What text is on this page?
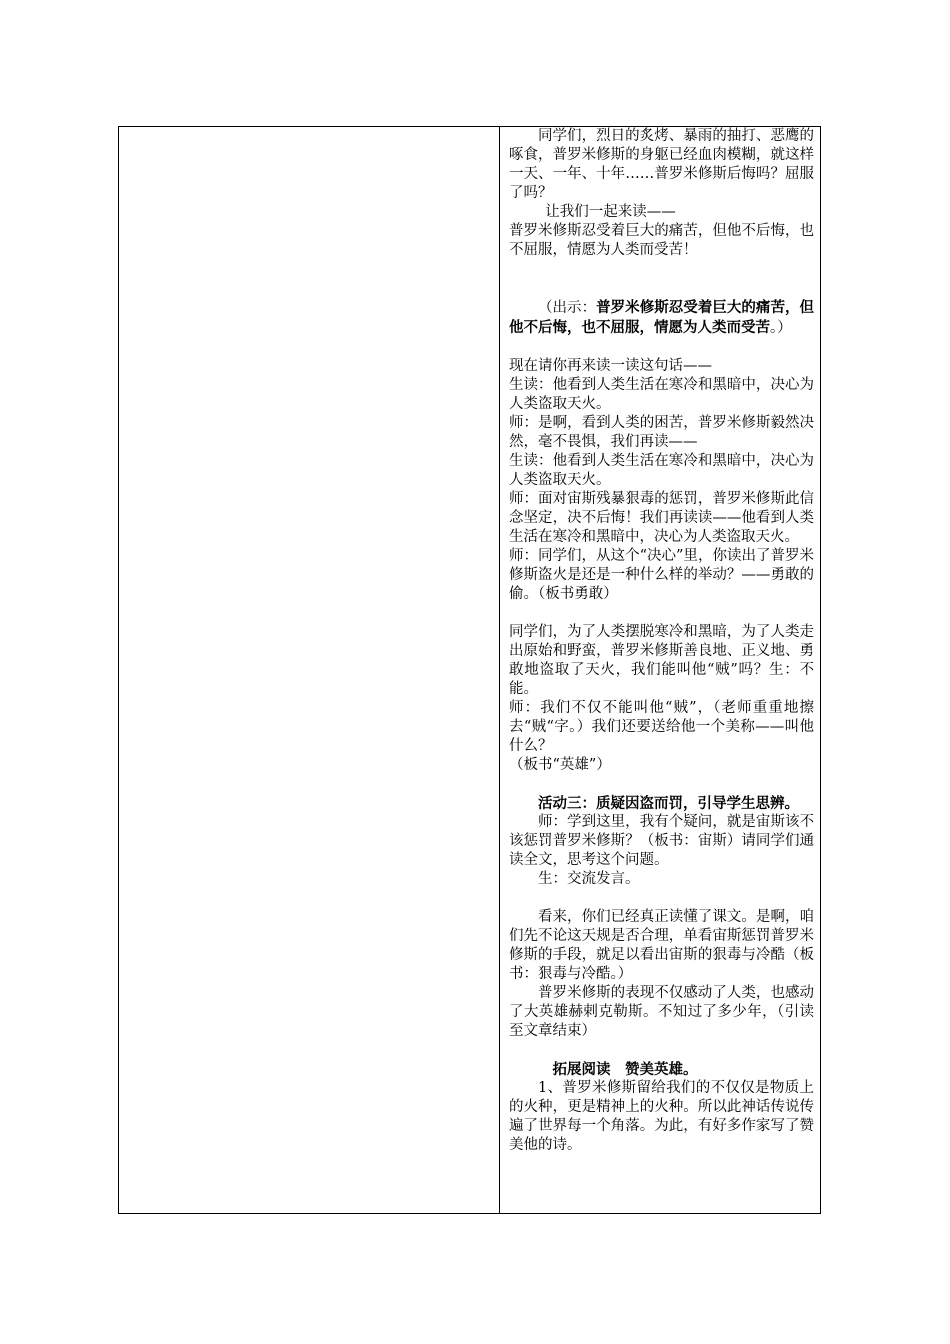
同学们，烈日的炙烤、暴雨的抽打、恶鹰的啄食，普罗米修斯的身躯已经血肉模糊，就这样一天、一年、十年……普罗米修斯后悔吗？屈服了吗？

让我们一起来读——

普罗米修斯忍受着巨大的痛苦，但他不后悔，也不屈服，情愿为人类而受苦！

（出示：普罗米修斯忍受着巨大的痛苦，但他不后悔，也不屈服，情愿为人类而受苦。）

现在请你再来读一读这句话——

生读：他看到人类生活在寒冷和黑暗中，决心为人类盗取天火。

师：是啊，看到人类的困苦，普罗米修斯毅然决然，毫不畏惧，我们再读——

生读：他看到人类生活在寒冷和黑暗中，决心为人类盗取天火。

师：面对宙斯残暴狠毒的惩罚，普罗米修斯此信念坚定，决不后悔！我们再读读——他看到人类生活在寒冷和黑暗中，决心为人类盗取天火。

师：同学们，从这个“决心”里，你读出了普罗米修斯盗火是还是一种什么样的举动？——勇敢的偷。（板书勇敢）

同学们，为了人类摆脱寒冷和黑暗，为了人类走出原始和野蛮，普罗米修斯善良地、正义地、勇敢地盗取了天火，我们能叫他“贼”吗？生：不能。

师：我们不仅不能叫他“贼”，（老师重重地擦去“贼“字。）我们还要送给他一个美称——叫他什么？

（板书“英雄”）

活动三：质疑因盗而罚，引导学生思辨。

师：学到这里，我有个疑问，就是宙斯该不该惩罚普罗米修斯？（板书：宙斯）请同学们通读全文，思考这个问题。

生：交流发言。

看来，你们已经真正读懂了课文。是啊，咱们先不论这天规是否合理，单看宙斯惩罚普罗米修斯的手段，就足以看出宙斯的狠毒与冷酷（板书：狠毒与冷酷。）

普罗米修斯的表现不仅感动了人类，也感动了大英雄赫剌克勒斯。不知过了多少年，（引读至文章结束）

拓展阅读　赞美英雄。

1、普罗米修斯留给我们的不仅仅是物质上的火种，更是精神上的火种。所以此神话传说传遍了世界每一个角落。为此，有好多作家写了赞美他的诗。
